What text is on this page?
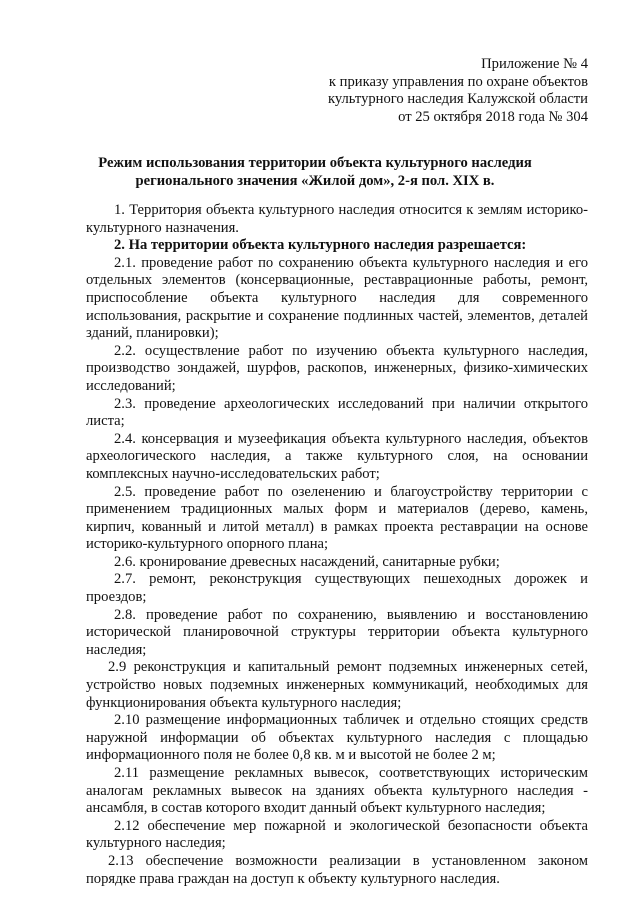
Приложение № 4
к приказу управления по охране объектов
культурного наследия Калужской области
от 25 октября 2018 года № 304
Режим использования территории объекта культурного наследия
регионального значения «Жилой дом», 2-я пол. XIX в.

1. Территория объекта культурного наследия относится к землям историко-культурного назначения.

2. На территории объекта культурного наследия разрешается:

2.1. проведение работ по сохранению объекта культурного наследия и его отдельных элементов (консервационные, реставрационные работы, ремонт, приспособление объекта культурного наследия для современного использования, раскрытие и сохранение подлинных частей, элементов, деталей зданий, планировки);

2.2. осуществление работ по изучению объекта культурного наследия, производство зондажей, шурфов, раскопов, инженерных, физико-химических исследований;

2.3. проведение археологических исследований при наличии открытого листа;

2.4. консервация и музеефикация объекта культурного наследия, объектов археологического наследия, а также культурного слоя, на основании комплексных научно-исследовательских работ;

2.5. проведение работ по озеленению и благоустройству территории с применением традиционных малых форм и материалов (дерево, камень, кирпич, кованный и литой металл) в рамках проекта реставрации на основе историко-культурного опорного плана;

2.6. кронирование древесных насаждений, санитарные рубки;

2.7. ремонт, реконструкция существующих пешеходных дорожек и проездов;

2.8. проведение работ по сохранению, выявлению и восстановлению исторической планировочной структуры территории объекта культурного наследия;

2.9 реконструкция и капитальный ремонт подземных инженерных сетей, устройство новых подземных инженерных коммуникаций, необходимых для функционирования объекта культурного наследия;

2.10 размещение информационных табличек и отдельно стоящих средств наружной информации об объектах культурного наследия с площадью информационного поля не более 0,8 кв. м и высотой не более 2 м;

2.11 размещение рекламных вывесок, соответствующих историческим аналогам рекламных вывесок на зданиях объекта культурного наследия - ансамбля, в состав которого входит данный объект культурного наследия;

2.12 обеспечение мер пожарной и экологической безопасности объекта культурного наследия;

2.13 обеспечение возможности реализации в установленном законом порядке права граждан на доступ к объекту культурного наследия.
